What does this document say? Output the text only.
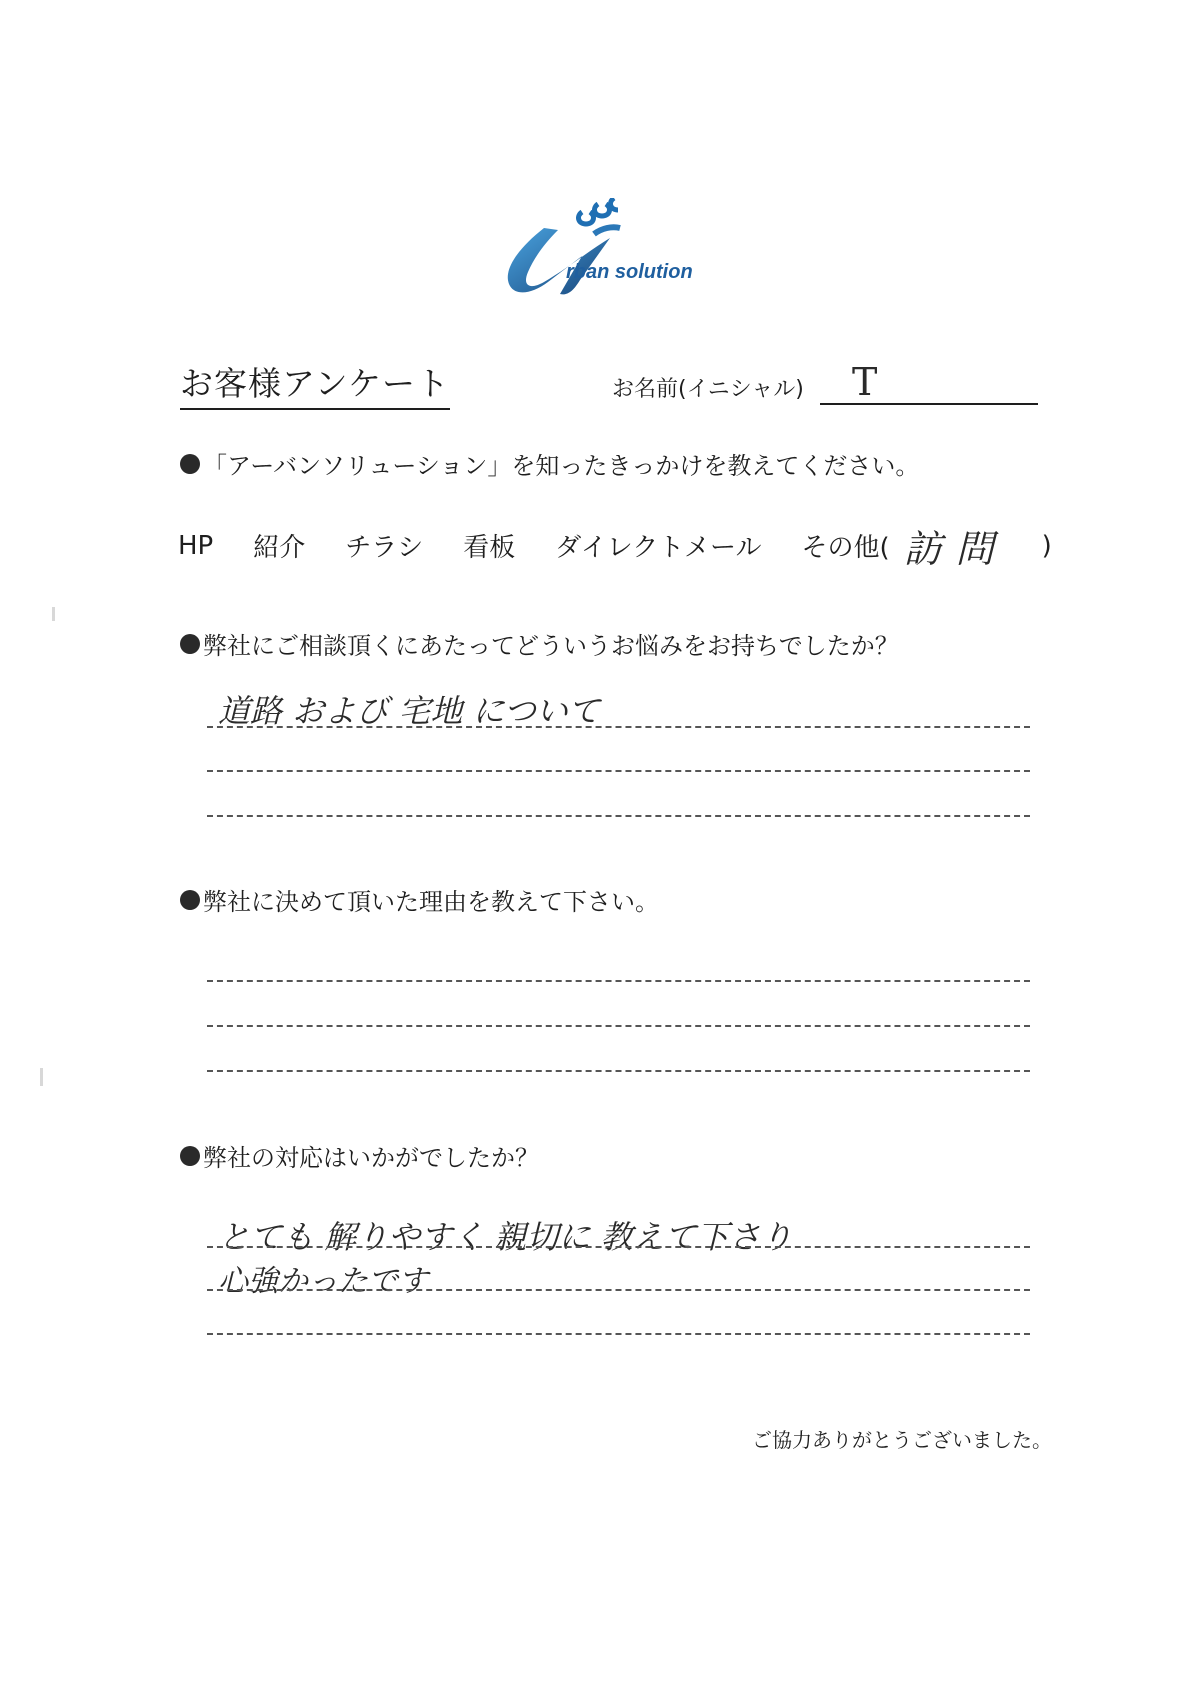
rban solution
お客様アンケート	お名前(イニシャル) T
「アーバンソリューション」を知ったきっかけを教えてください。
HP 紹介 チラシ 看板 ダイレクトメール その他( 訪問 )
弊社にご相談頂くにあたってどういうお悩みをお持ちでしたか？
道路 および 宅地 について
弊社に決めて頂いた理由を教えて下さい。
弊社の対応はいかがでしたか？
とても 解りやすく 親切に 教えて下さり
心強かったです
ご協力ありがとうございました。
